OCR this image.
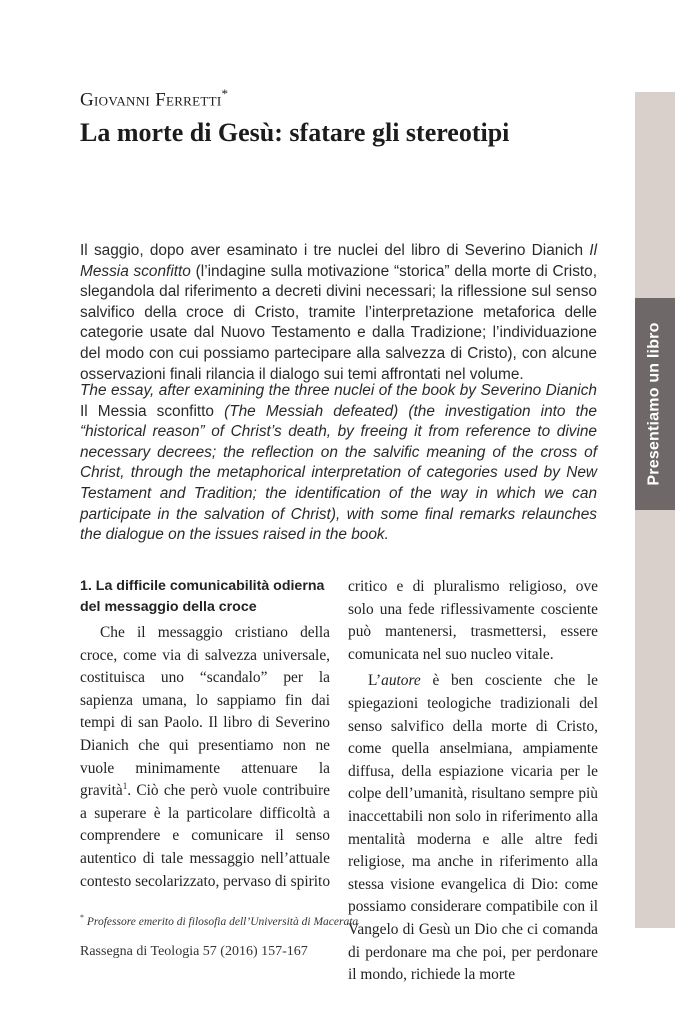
Giovanni Ferretti*
La morte di Gesù: sfatare gli stereotipi

Il saggio, dopo aver esaminato i tre nuclei del libro di Severino Dianich Il Messia sconfitto (l’indagine sulla motivazione “storica” della morte di Cristo, slegandola dal riferimento a decreti divini necessari; la riflessione sul senso salvifico della croce di Cristo, tramite l’interpretazione metaforica delle categorie usate dal Nuovo Testamento e dalla Tradizione; l’individuazione del modo con cui possiamo partecipare alla salvezza di Cristo), con alcune osservazioni finali rilancia il dialogo sui temi affrontati nel volume.

The essay, after examining the three nuclei of the book by Severino Dianich Il Messia sconfitto (The Messiah defeated) (the investigation into the “historical reason” of Christ’s death, by freeing it from reference to divine necessary decrees; the reflection on the salvific meaning of the cross of Christ, through the metaphorical interpretation of categories used by New Testament and Tradition; the identification of the way in which we can participate in the salvation of Christ), with some final remarks relaunches the dialogue on the issues raised in the book.

1. La difficile comunicabilità odierna del messaggio della croce

Che il messaggio cristiano della croce, come via di salvezza universale, costituisca uno “scandalo” per la sapienza umana, lo sappiamo fin dai tempi di san Paolo. Il libro di Severino Dianich che qui presentiamo non ne vuole minimamente attenuare la gravità$^1$. Ciò che però vuole contribuire a superare è la particolare difficoltà a comprendere e comunicare il senso autentico di tale messaggio nell’attuale contesto secolarizzato, pervaso di spirito

critico e di pluralismo religioso, ove solo una fede riflessivamente cosciente può mantenersi, trasmettersi, essere comunicata nel suo nucleo vitale.

L’autore è ben cosciente che le spiegazioni teologiche tradizionali del senso salvifico della morte di Cristo, come quella anselmiana, ampiamente diffusa, della espiazione vicaria per le colpe dell’umanità, risultano sempre più inaccettabili non solo in riferimento alla mentalità moderna e alle altre fedi religiose, ma anche in riferimento alla stessa visione evangelica di Dio: come possiamo considerare compatibile con il Vangelo di Gesù un Dio che ci comanda di perdonare ma che poi, per perdonare il mondo, richiede la morte

* Professore emerito di filosofia dell’Università di Macerata
Rassegna di Teologia 57 (2016) 157-167
Presentiamo un libro
